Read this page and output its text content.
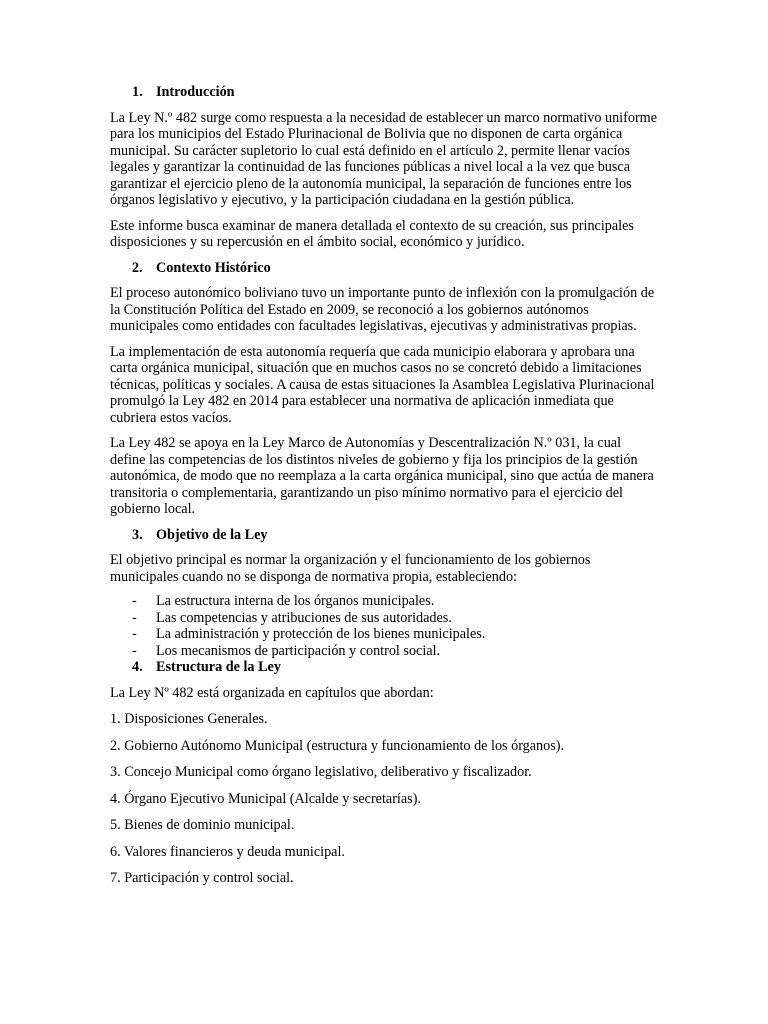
1. Introducción

La Ley N.º 482 surge como respuesta a la necesidad de establecer un marco normativo uniforme para los municipios del Estado Plurinacional de Bolivia que no disponen de carta orgánica municipal. Su carácter supletorio lo cual está definido en el artículo 2, permite llenar vacíos legales y garantizar la continuidad de las funciones públicas a nivel local a la vez que busca garantizar el ejercicio pleno de la autonomía municipal, la separación de funciones entre los órganos legislativo y ejecutivo, y la participación ciudadana en la gestión pública.

Este informe busca examinar de manera detallada el contexto de su creación, sus principales disposiciones y su repercusión en el ámbito social, económico y jurídico.

2. Contexto Histórico

El proceso autonómico boliviano tuvo un importante punto de inflexión con la promulgación de la Constitución Política del Estado en 2009, se reconoció a los gobiernos autónomos municipales como entidades con facultades legislativas, ejecutivas y administrativas propias.

La implementación de esta autonomía requería que cada municipio elaborara y aprobara una carta orgánica municipal, situación que en muchos casos no se concretó debido a limitaciones técnicas, políticas y sociales. A causa de estas situaciones la Asamblea Legislativa Plurinacional promulgó la Ley 482 en 2014 para establecer una normativa de aplicación inmediata que cubriera estos vacíos.

La Ley 482 se apoya en la Ley Marco de Autonomías y Descentralización N.º 031, la cual define las competencias de los distintos niveles de gobierno y fija los principios de la gestión autonómica, de modo que no reemplaza a la carta orgánica municipal, sino que actúa de manera transitoria o complementaria, garantizando un piso mínimo normativo para el ejercicio del gobierno local.

3. Objetivo de la Ley

El objetivo principal es normar la organización y el funcionamiento de los gobiernos municipales cuando no se disponga de normativa propia, estableciendo:

- La estructura interna de los órganos municipales.
- Las competencias y atribuciones de sus autoridades.
- La administración y protección de los bienes municipales.
- Los mecanismos de participación y control social.
4. Estructura de la Ley

La Ley Nº 482 está organizada en capítulos que abordan:

1. Disposiciones Generales.

2. Gobierno Autónomo Municipal (estructura y funcionamiento de los órganos).

3. Concejo Municipal como órgano legislativo, deliberativo y fiscalizador.

4. Órgano Ejecutivo Municipal (Alcalde y secretarías).

5. Bienes de dominio municipal.

6. Valores financieros y deuda municipal.

7. Participación y control social.
